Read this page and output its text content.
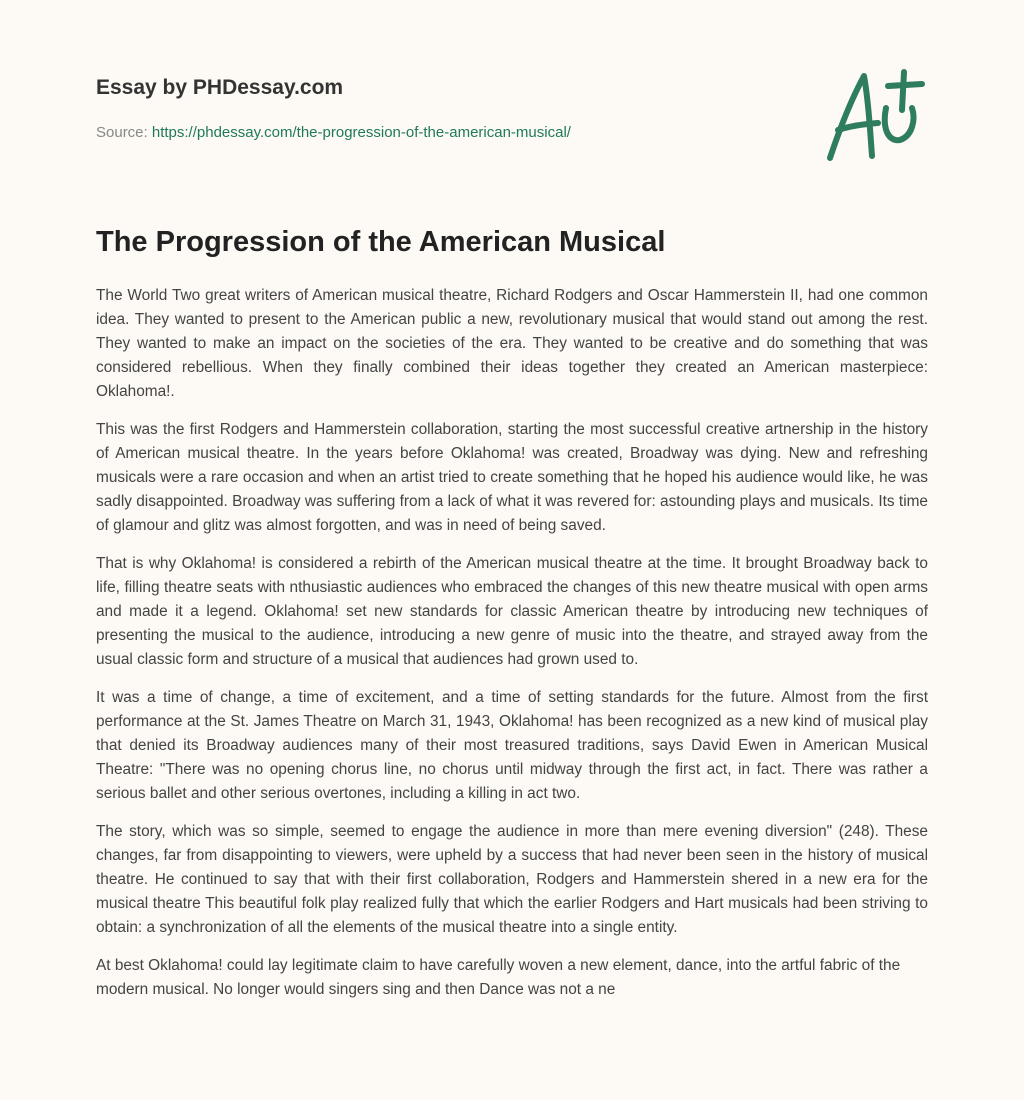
Essay by PHDessay.com
Source: https://phdessay.com/the-progression-of-the-american-musical/
The Progression of the American Musical

The World Two great writers of American musical theatre, Richard Rodgers and Oscar Hammerstein II, had one common idea. They wanted to present to the American public a new, revolutionary musical that would stand out among the rest. They wanted to make an impact on the societies of the era. They wanted to be creative and do something that was considered rebellious. When they finally combined their ideas together they created an American masterpiece: Oklahoma!.

This was the first Rodgers and Hammerstein collaboration, starting the most successful creative artnership in the history of American musical theatre. In the years before Oklahoma! was created, Broadway was dying. New and refreshing musicals were a rare occasion and when an artist tried to create something that he hoped his audience would like, he was sadly disappointed. Broadway was suffering from a lack of what it was revered for: astounding plays and musicals. Its time of glamour and glitz was almost forgotten, and was in need of being saved.

That is why Oklahoma! is considered a rebirth of the American musical theatre at the time. It brought Broadway back to life, filling theatre seats with nthusiastic audiences who embraced the changes of this new theatre musical with open arms and made it a legend. Oklahoma! set new standards for classic American theatre by introducing new techniques of presenting the musical to the audience, introducing a new genre of music into the theatre, and strayed away from the usual classic form and structure of a musical that audiences had grown used to.

It was a time of change, a time of excitement, and a time of setting standards for the future. Almost from the first performance at the St. James Theatre on March 31, 1943, Oklahoma! has been recognized as a new kind of musical play that denied its Broadway audiences many of their most treasured traditions, says David Ewen in American Musical Theatre: "There was no opening chorus line, no chorus until midway through the first act, in fact. There was rather a serious ballet and other serious overtones, including a killing in act two.

The story, which was so simple, seemed to engage the audience in more than mere evening diversion" (248). These changes, far from disappointing to viewers, were upheld by a success that had never been seen in the history of musical theatre. He continued to say that with their first collaboration, Rodgers and Hammerstein shered in a new era for the musical theatre This beautiful folk play realized fully that which the earlier Rodgers and Hart musicals had been striving to obtain: a synchronization of all the elements of the musical theatre into a single entity.

At best Oklahoma! could lay legitimate claim to have carefully woven a new element, dance, into the artful fabric of the modern musical. No longer would singers sing and then Dance was not a ne
